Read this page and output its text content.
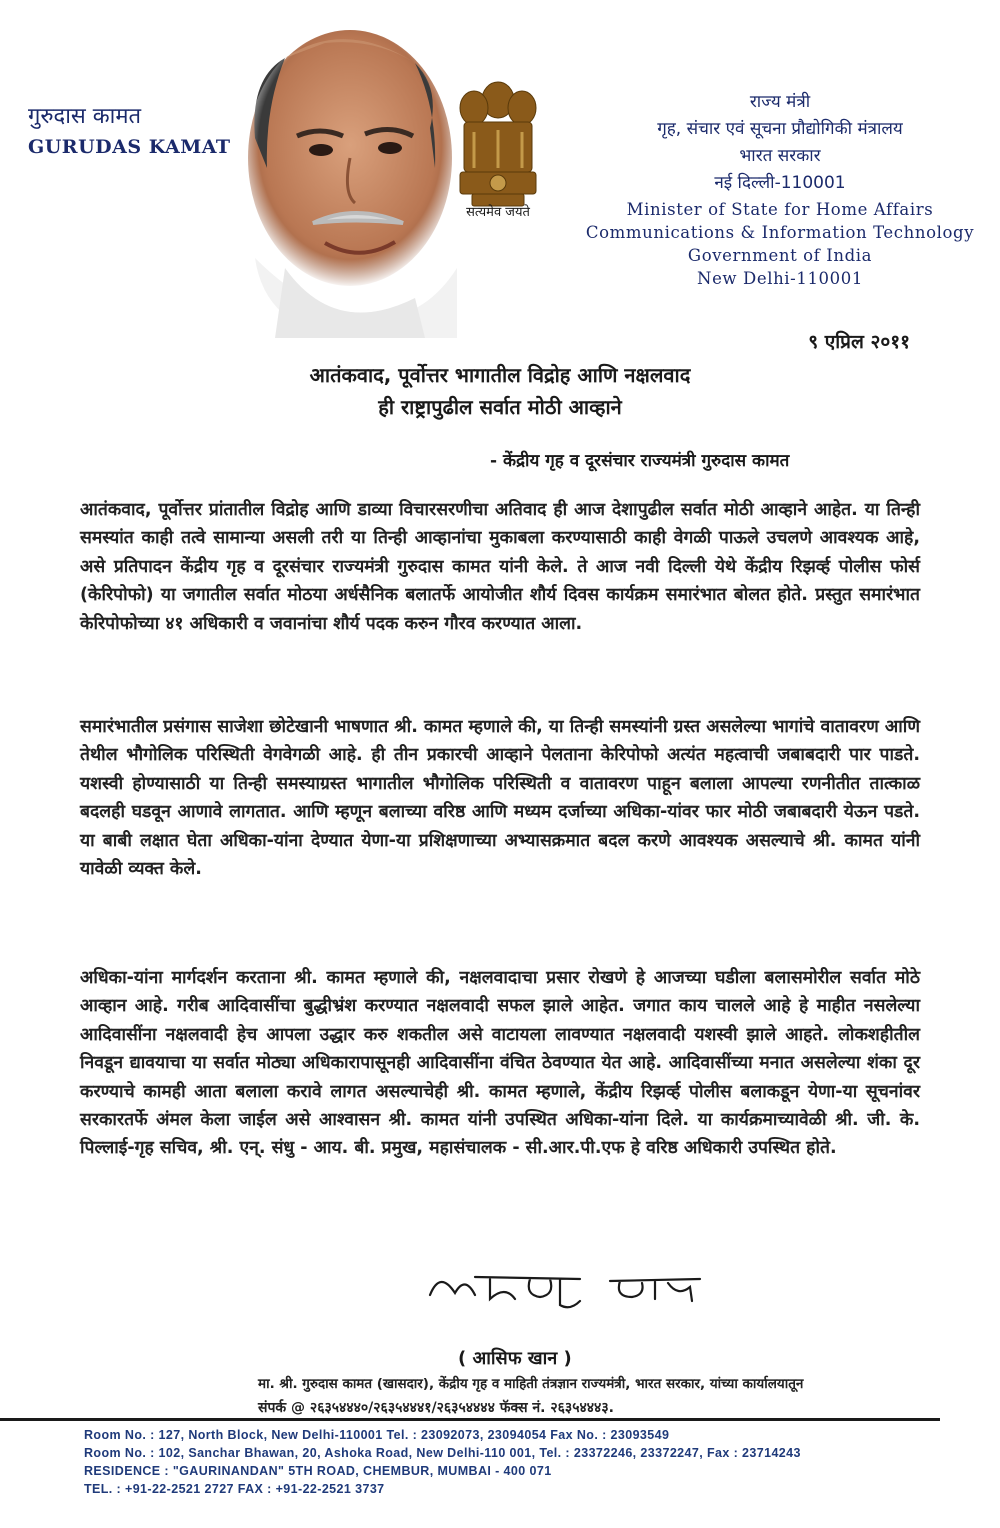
गुरुदास कामत
GURUDAS KAMAT
सत्यमेव जयते
राज्य मंत्री
गृह, संचार एवं सूचना प्रौद्योगिकी मंत्रालय
भारत सरकार
नई दिल्ली-110001
Minister of State for Home Affairs
Communications & Information Technology
Government of India
New Delhi-110001
९ एप्रिल २०११
आतंकवाद, पूर्वोत्तर भागातील विद्रोह आणि नक्षलवाद
ही राष्ट्रापुढील सर्वात मोठी आव्हाने
- केंद्रीय गृह व दूरसंचार राज्यमंत्री गुरुदास कामत
आतंकवाद, पूर्वोत्तर प्रांतातील विद्रोह आणि डाव्या विचारसरणीचा अतिवाद ही आज देशापुढील सर्वात मोठी आव्हाने आहेत. या तिन्ही समस्यांत काही तत्वे सामान्या असली तरी या तिन्ही आव्हानांचा मुकाबला करण्यासाठी काही वेगळी पाऊले उचलणे आवश्यक आहे, असे प्रतिपादन केंद्रीय गृह व दूरसंचार राज्यमंत्री गुरुदास कामत यांनी केले. ते आज नवी दिल्ली येथे केंद्रीय रिझर्व्ह पोलीस फोर्स (केरिपोफो) या जगातील सर्वात मोठया अर्धसैनिक बलातर्फे आयोजीत शौर्य दिवस कार्यक्रम समारंभात बोलत होते. प्रस्तुत समारंभात केरिपोफोच्या ४१ अधिकारी व जवानांचा शौर्य पदक करुन गौरव करण्यात आला.
समारंभातील प्रसंगास साजेशा छोटेखानी भाषणात श्री. कामत म्हणाले की, या तिन्ही समस्यांनी ग्रस्त असलेल्या भागांचे वातावरण आणि तेथील भौगोलिक परिस्थिती वेगवेगळी आहे. ही तीन प्रकारची आव्हाने पेलताना केरिपोफो अत्यंत महत्वाची जबाबदारी पार पाडते. यशस्वी होण्यासाठी या तिन्ही समस्याग्रस्त भागातील भौगोलिक परिस्थिती व वातावरण पाहून बलाला आपल्या रणनीतीत तात्काळ बदलही घडवून आणावे लागतात. आणि म्हणून बलाच्या वरिष्ठ आणि मध्यम दर्जाच्या अधिका-यांवर फार मोठी जबाबदारी येऊन पडते. या बाबी लक्षात घेता अधिका-यांना देण्यात येणा-या प्रशिक्षणाच्या अभ्यासक्रमात बदल करणे आवश्यक असल्याचे श्री. कामत यांनी यावेळी व्यक्त केले.
अधिका-यांना मार्गदर्शन करताना श्री. कामत म्हणाले की, नक्षलवादाचा प्रसार रोखणे हे आजच्या घडीला बलासमोरील सर्वात मोठे आव्हान आहे. गरीब आदिवासींचा बुद्धीभ्रंश करण्यात नक्षलवादी सफल झाले आहेत. जगात काय चालले आहे हे माहीत नसलेल्या आदिवासींना नक्षलवादी हेच आपला उद्धार करु शकतील असे वाटायला लावण्यात नक्षलवादी यशस्वी झाले आहते. लोकशहीतील निवडून द्यावयाचा या सर्वात मोठ्या अधिकारापासूनही आदिवासींना वंचित ठेवण्यात येत आहे. आदिवासींच्या मनात असलेल्या शंका दूर करण्याचे कामही आता बलाला करावे लागत असल्याचेही श्री. कामत म्हणाले, केंद्रीय रिझर्व्ह पोलीस बलाकडून येणा-या सूचनांवर सरकारतर्फे अंमल केला जाईल असे आश्वासन श्री. कामत यांनी उपस्थित अधिका-यांना दिले. या कार्यक्रमाच्यावेळी श्री. जी. के. पिल्लाई-गृह सचिव, श्री. एन्. संधु - आय. बी. प्रमुख, महासंचालक - सी.आर.पी.एफ हे वरिष्ठ अधिकारी उपस्थित होते.
( आसिफ खान )
मा. श्री. गुरुदास कामत (खासदार), केंद्रीय गृह व माहिती तंत्रज्ञान राज्यमंत्री, भारत सरकार, यांच्या कार्यालयातून
संपर्क @ २६३५४४४०/२६३५४४४१/२६३५४४४४ फॅक्स नं. २६३५४४४३.
Room No. : 127, North Block, New Delhi-110001 Tel. : 23092073, 23094054 Fax No. : 23093549
Room No. : 102, Sanchar Bhawan, 20, Ashoka Road, New Delhi-110 001, Tel. : 23372246, 23372247, Fax : 23714243
RESIDENCE : "GAURINANDAN" 5TH ROAD, CHEMBUR, MUMBAI - 400 071
TEL. : +91-22-2521 2727 FAX : +91-22-2521 3737
